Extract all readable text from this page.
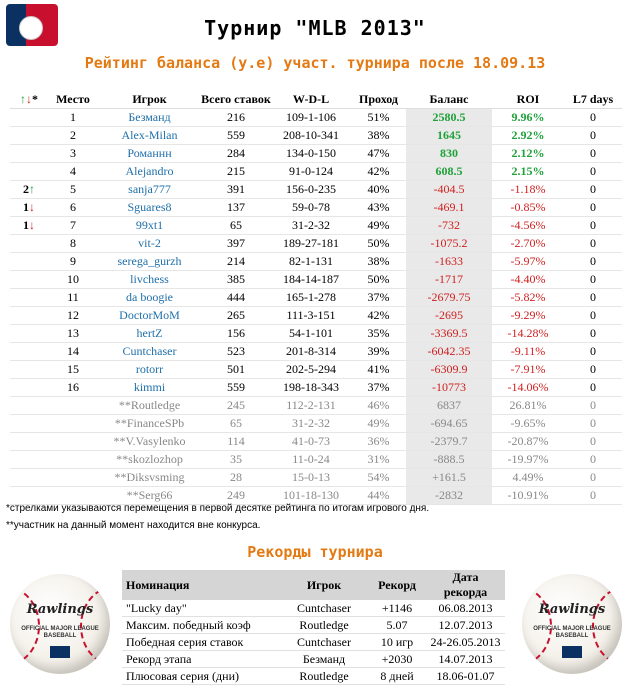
Турнир "MLB 2013"
Рейтинг баланса (у.е) участ. турнира после 18.09.13
↑↓*	Место	Игрок	Всего ставок	W-D-L	Проход	Баланс	ROI	L7 days
	1	Безманд	216	109-1-106	51%	2580.5	9.96%	0
	2	Alex-Milan	559	208-10-341	38%	1645	2.92%	0
	3	Романнн	284	134-0-150	47%	830	2.12%	0
	4	Alejandro	215	91-0-124	42%	608.5	2.15%	0
2↑	5	sanja777	391	156-0-235	40%	-404.5	-1.18%	0
1↓	6	Sguares8	137	59-0-78	43%	-469.1	-0.85%	0
1↓	7	99xt1	65	31-2-32	49%	-732	-4.56%	0
	8	vit-2	397	189-27-181	50%	-1075.2	-2.70%	0
	9	serega_gurzh	214	82-1-131	38%	-1633	-5.97%	0
	10	livchess	385	184-14-187	50%	-1717	-4.40%	0
	11	da boogie	444	165-1-278	37%	-2679.75	-5.82%	0
	12	DoctorMoM	265	111-3-151	42%	-2695	-9.29%	0
	13	hertZ	156	54-1-101	35%	-3369.5	-14.28%	0
	14	Cuntchaser	523	201-8-314	39%	-6042.35	-9.11%	0
	15	rotorr	501	202-5-294	41%	-6309.9	-7.91%	0
	16	kimmi	559	198-18-343	37%	-10773	-14.06%	0
		**Routledge	245	112-2-131	46%	6837	26.81%	0
		**FinanceSPb	65	31-2-32	49%	-694.65	-9.65%	0
		**V.Vasylenko	114	41-0-73	36%	-2379.7	-20.87%	0
		**skozlozhop	35	11-0-24	31%	-888.5	-19.97%	0
		**Diksvsming	28	15-0-13	54%	+161.5	4.49%	0
		**Serg66	249	101-18-130	44%	-2832	-10.91%	0
*стрелками указываются перемещения в первой десятке рейтинга по итогам игрового дня.
**участник на данный момент находится вне конкурса.
Рекорды турнира
Rawlings
OFFICIAL MAJOR LEAGUE BASEBALL
Номинация	Игрок	Рекорд	Дата рекорда
"Lucky day"	Cuntchaser	+1146	06.08.2013
Максим. победный коэф	Routledge	5.07	12.07.2013
Победная серия ставок	Cuntchaser	10 игр	24-26.05.2013
Рекорд этапа	Безманд	+2030	14.07.2013
Плюсовая серия (дни)	Routledge	8 дней	18.06-01.07
Rawlings
OFFICIAL MAJOR LEAGUE BASEBALL
